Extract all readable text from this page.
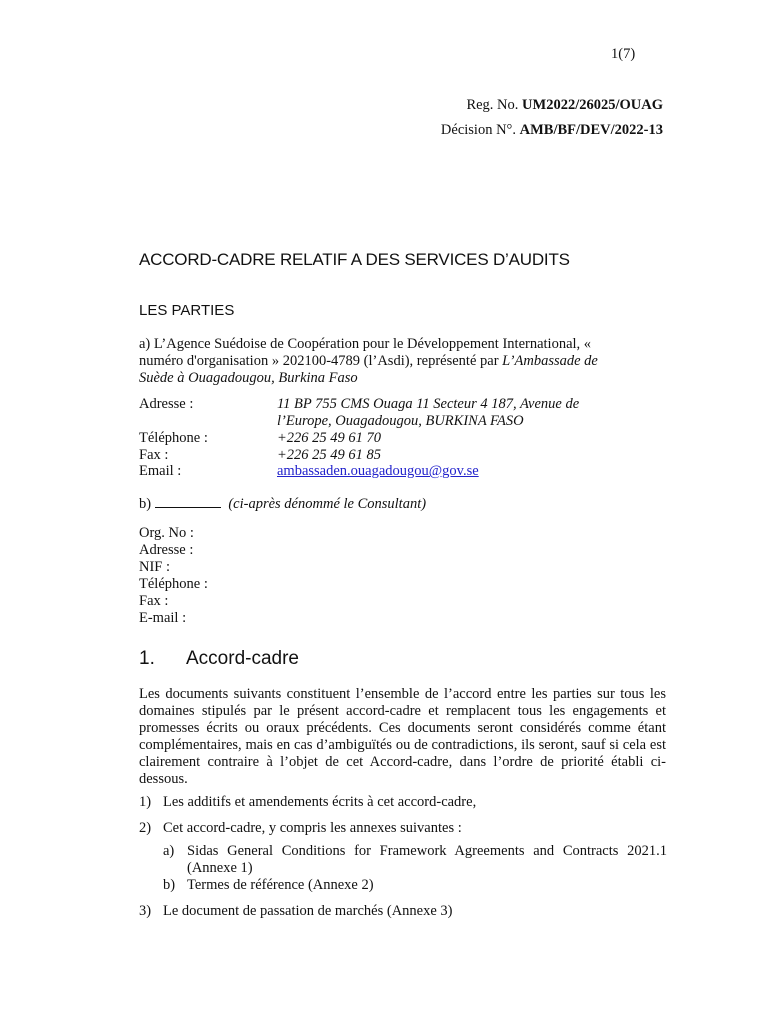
1(7)
Reg. No. UM2022/26025/OUAG
Décision N°. AMB/BF/DEV/2022-13
ACCORD-CADRE RELATIF A DES SERVICES D’AUDITS
LES PARTIES
a) L’Agence Suédoise de Coopération pour le Développement International, «
numéro d'organisation » 202100-4789 (l’Asdi), représenté par L’Ambassade de
Suède à Ouagadougou, Burkina Faso
Adresse :	11 BP 755 CMS Ouaga 11 Secteur 4 187, Avenue de
l’Europe, Ouagadougou, BURKINA FASO
Téléphone :	+226 25 49 61 70
Fax :	+226 25 49 61 85
Email :	ambassaden.ouagadougou@gov.se
b)	(ci-après dénommé le Consultant)
Org. No :
Adresse :
NIF :
Téléphone :
Fax :
E-mail :
1. Accord-cadre
Les documents suivants constituent l’ensemble de l’accord entre les parties sur tous les domaines stipulés par le présent accord-cadre et remplacent tous les engagements et promesses écrits ou oraux précédents. Ces documents seront considérés comme étant complémentaires, mais en cas d’ambiguïtés ou de contradictions, ils seront, sauf si cela est clairement contraire à l’objet de cet Accord-cadre, dans l’ordre de priorité établi ci-dessous.
1) Les additifs et amendements écrits à cet accord-cadre,
2) Cet accord-cadre, y compris les annexes suivantes :
a) Sidas General Conditions for Framework Agreements and Contracts 2021.1 (Annexe 1)
b) Termes de référence (Annexe 2)
3) Le document de passation de marchés (Annexe 3)
